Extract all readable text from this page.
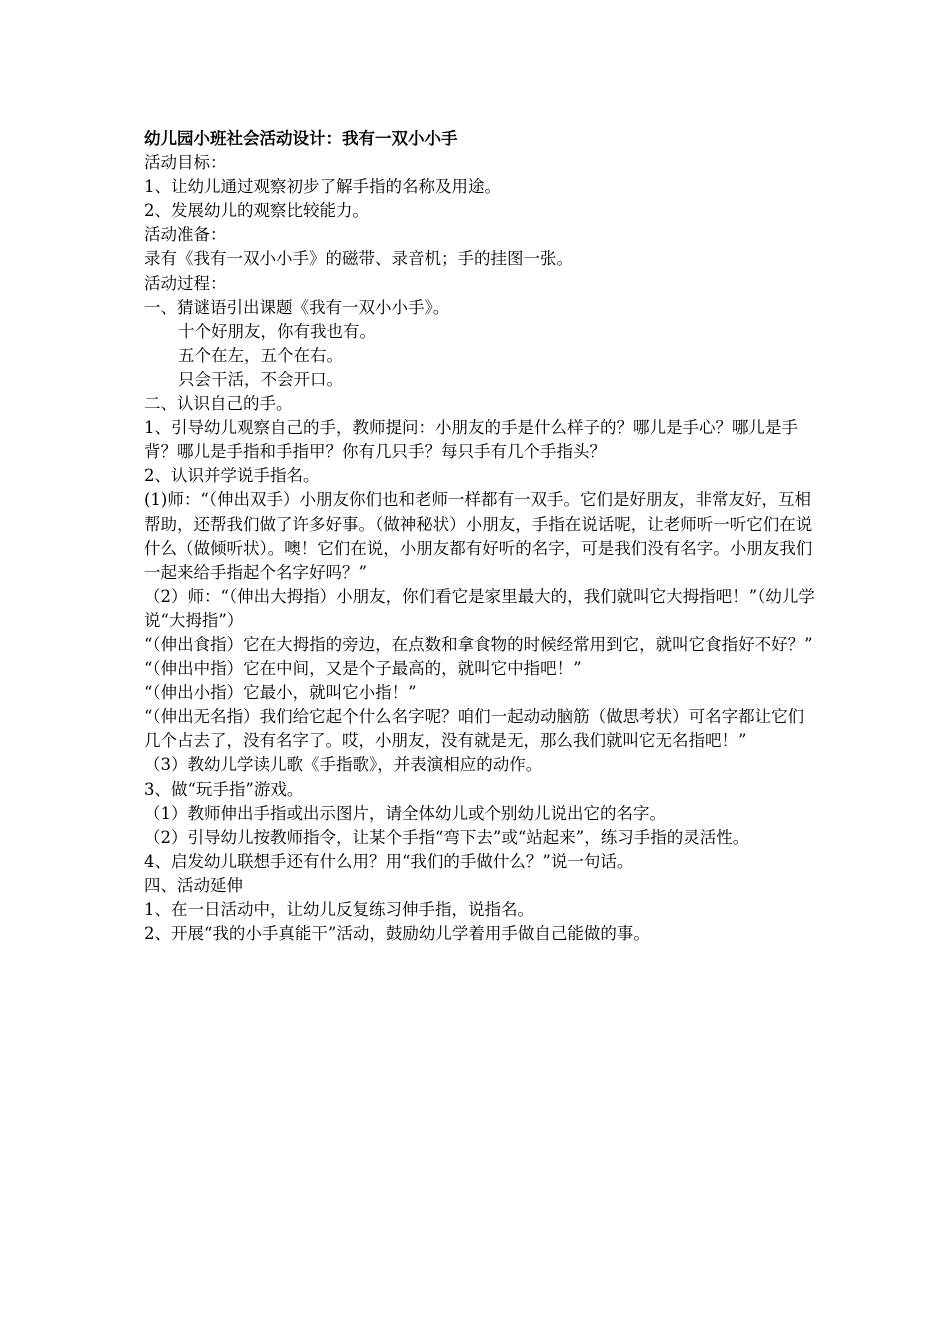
幼儿园小班社会活动设计：我有一双小小手

活动目标：

1、让幼儿通过观察初步了解手指的名称及用途。

2、发展幼儿的观察比较能力。

活动准备：

录有《我有一双小小手》的磁带、录音机；手的挂图一张。

活动过程：

一、猜谜语引出课题《我有一双小小手》。

十个好朋友，你有我也有。

五个在左，五个在右。

只会干活，不会开口。

二、认识自己的手。

1、引导幼儿观察自己的手，教师提问：小朋友的手是什么样子的？哪儿是手心？哪儿是手背？哪儿是手指和手指甲？你有几只手？每只手有几个手指头？

2、认识并学说手指名。

(1)师：“（伸出双手）小朋友你们也和老师一样都有一双手。它们是好朋友，非常友好，互相帮助，还帮我们做了许多好事。（做神秘状）小朋友，手指在说话呢，让老师听一听它们在说什么（做倾听状）。噢！它们在说，小朋友都有好听的名字，可是我们没有名字。小朋友我们一起来给手指起个名字好吗？”

（2）师：“（伸出大拇指）小朋友，你们看它是家里最大的，我们就叫它大拇指吧！”（幼儿学说“大拇指”）

“（伸出食指）它在大拇指的旁边，在点数和拿食物的时候经常用到它，就叫它食指好不好？”

“（伸出中指）它在中间，又是个子最高的，就叫它中指吧！”

“（伸出小指）它最小，就叫它小指！”

“（伸出无名指）我们给它起个什么名字呢？咱们一起动动脑筋（做思考状）可名字都让它们几个占去了，没有名字了。哎，小朋友，没有就是无，那么我们就叫它无名指吧！”

（3）教幼儿学读儿歌《手指歌》，并表演相应的动作。

3、做“玩手指”游戏。

（1）教师伸出手指或出示图片，请全体幼儿或个别幼儿说出它的名字。

（2）引导幼儿按教师指令，让某个手指“弯下去”或“站起来”，练习手指的灵活性。

4、启发幼儿联想手还有什么用？用“我们的手做什么？”说一句话。

四、活动延伸

1、在一日活动中，让幼儿反复练习伸手指，说指名。

2、开展“我的小手真能干”活动，鼓励幼儿学着用手做自己能做的事。
